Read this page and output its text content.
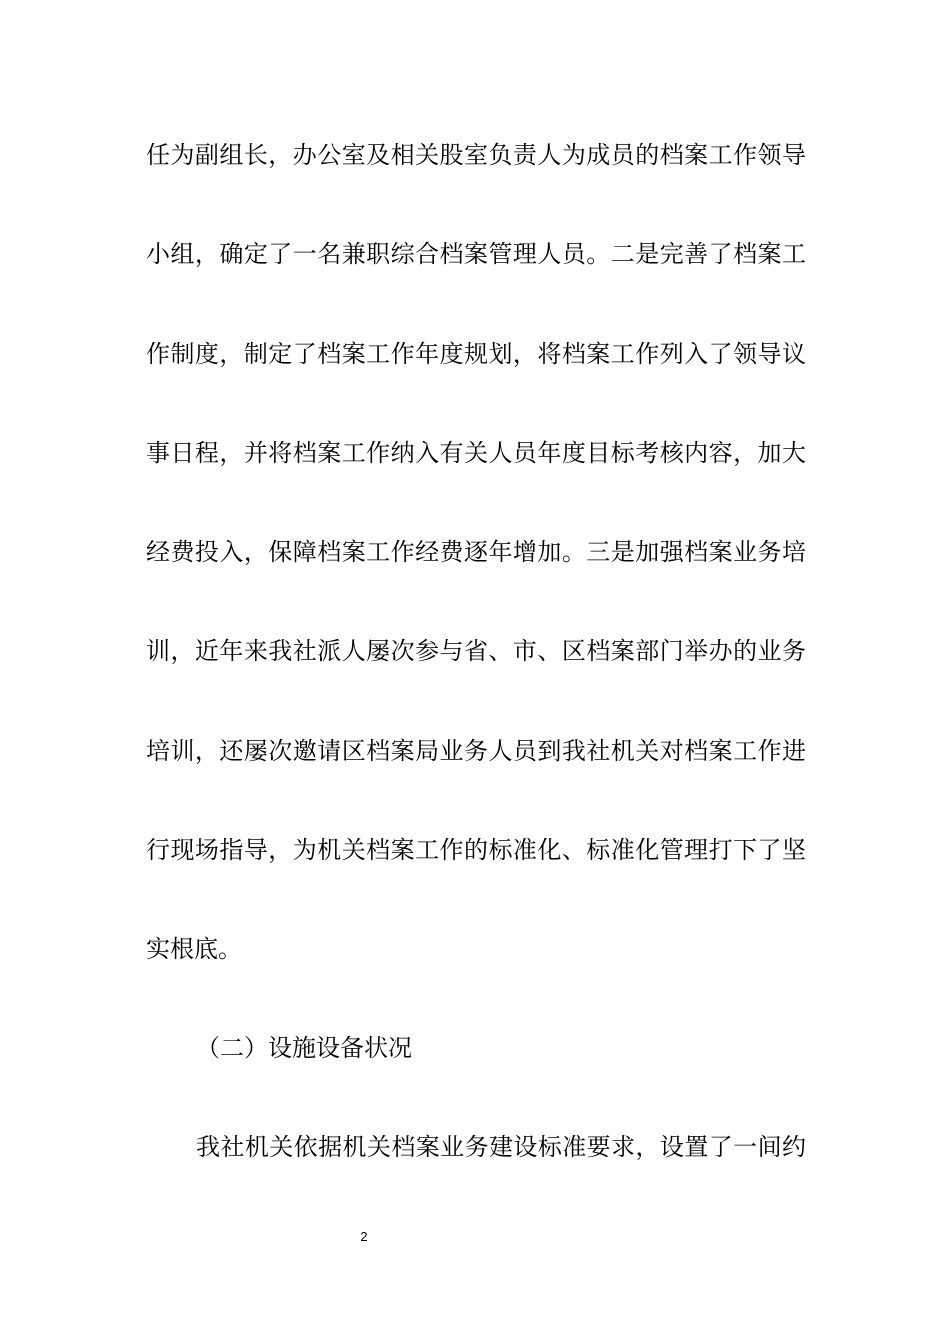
任为副组长，办公室及相关股室负责人为成员的档案工作领导
小组，确定了一名兼职综合档案管理人员。二是完善了档案工
作制度，制定了档案工作年度规划，将档案工作列入了领导议
事日程，并将档案工作纳入有关人员年度目标考核内容，加大
经费投入，保障档案工作经费逐年增加。三是加强档案业务培
训，近年来我社派人屡次参与省、市、区档案部门举办的业务
培训，还屡次邀请区档案局业务人员到我社机关对档案工作进
行现场指导，为机关档案工作的标准化、标准化管理打下了坚
实根底。
（二）设施设备状况
我社机关依据机关档案业务建设标准要求，设置了一间约
2
